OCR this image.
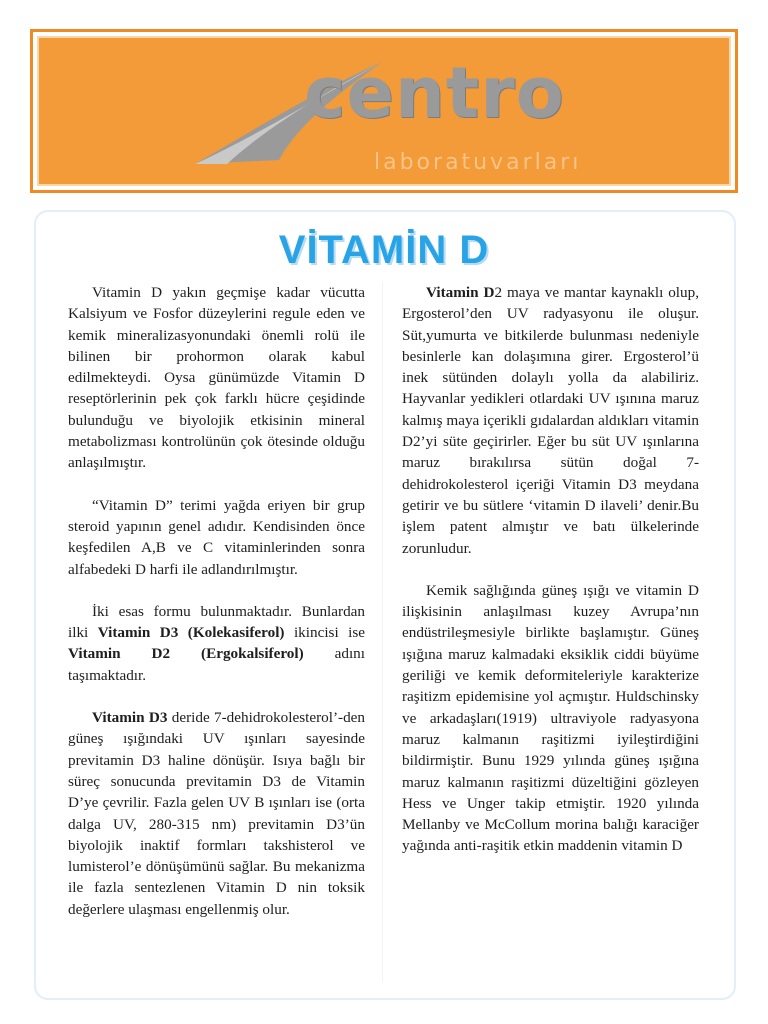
centro
laboratuvarları
VİTAMİN D

Vitamin D yakın geçmişe kadar vücutta Kalsiyum ve Fosfor düzeylerini regule eden ve kemik mineralizasyonundaki önemli rolü ile bilinen bir prohormon olarak kabul edilmekteydi. Oysa günümüzde Vitamin D reseptörlerinin pek çok farklı hücre çeşidinde bulunduğu ve biyolojik etkisinin mineral metabolizması kontrolünün çok ötesinde olduğu anlaşılmıştır.

“Vitamin D” terimi yağda eriyen bir grup steroid yapının genel adıdır. Kendisinden önce keşfedilen A,B ve C vitaminlerinden sonra alfabedeki D harfi ile adlandırılmıştır.

İki esas formu bulunmaktadır. Bunlardan ilki Vitamin D3 (Kolekasiferol) ikincisi ise Vitamin D2 (Ergokalsiferol) adını taşımaktadır.

Vitamin D3 deride 7-dehidrokolesterol’-den güneş ışığındaki UV ışınları sayesinde previtamin D3 haline dönüşür. Isıya bağlı bir süreç sonucunda previtamin D3 de Vitamin D’ye çevrilir. Fazla gelen UV B ışınları ise (orta dalga UV, 280-315 nm) previtamin D3’ün biyolojik inaktif formları takshisterol ve lumisterol’e dönüşümünü sağlar. Bu mekanizma ile fazla sentezlenen Vitamin D nin toksik değerlere ulaşması engellenmiş olur.

Vitamin D2 maya ve mantar kaynaklı olup, Ergosterol’den UV radyasyonu ile oluşur. Süt,yumurta ve bitkilerde bulunması nedeniyle besinlerle kan dolaşımına girer. Ergosterol’ü inek sütünden dolaylı yolla da alabiliriz. Hayvanlar yedikleri otlardaki UV ışınına maruz kalmış maya içerikli gıdalardan aldıkları vitamin D2’yi süte geçirirler. Eğer bu süt UV ışınlarına maruz bırakılırsa sütün doğal 7-dehidrokolesterol içeriği Vitamin D3 meydana getirir ve bu sütlere ‘vitamin D ilaveli’ denir.Bu işlem patent almıştır ve batı ülkelerinde zorunludur.

Kemik sağlığında güneş ışığı ve vitamin D ilişkisinin anlaşılması kuzey Avrupa’nın endüstrileşmesiyle birlikte başlamıştır. Güneş ışığına maruz kalmadaki eksiklik ciddi büyüme geriliği ve kemik deformiteleriyle karakterize raşitizm epidemisine yol açmıştır. Huldschinsky ve arkadaşları(1919) ultraviyole radyasyona maruz kalmanın raşitizmi iyileştirdiğini bildirmiştir. Bunu 1929 yılında güneş ışığına maruz kalmanın raşitizmi düzeltiğini gözleyen Hess ve Unger takip etmiştir. 1920 yılında Mellanby ve McCollum morina balığı karaciğer yağında anti-raşitik etkin maddenin vitamin D
